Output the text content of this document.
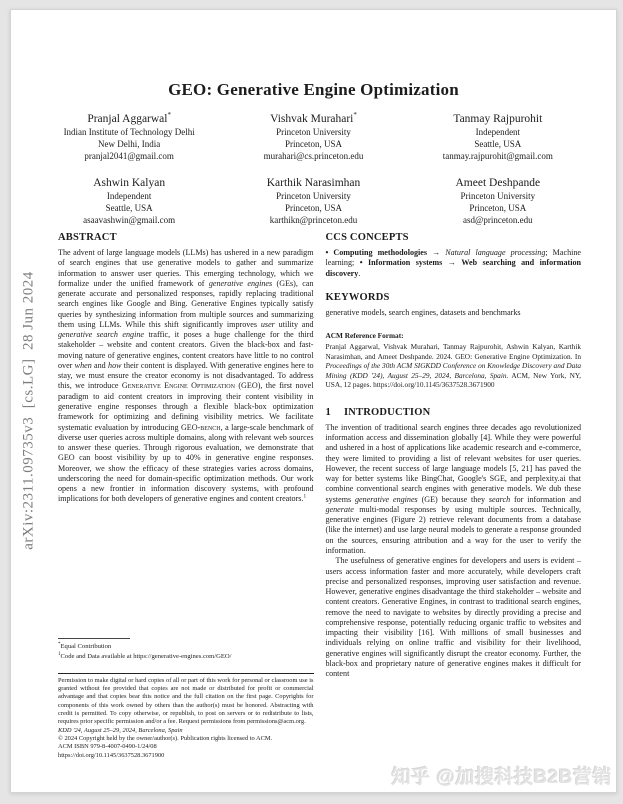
arXiv:2311.09735v3  [cs.LG]  28 Jun 2024
GEO: Generative Engine Optimization
Pranjal Aggarwal*
Indian Institute of Technology Delhi
New Delhi, India
pranjal2041@gmail.com
Vishvak Murahari*
Princeton University
Princeton, USA
murahari@cs.princeton.edu
Tanmay Rajpurohit
Independent
Seattle, USA
tanmay.rajpurohit@gmail.com
Ashwin Kalyan
Independent
Seattle, USA
asaavashwin@gmail.com
Karthik Narasimhan
Princeton University
Princeton, USA
karthikn@princeton.edu
Ameet Deshpande
Princeton University
Princeton, USA
asd@princeton.edu
ABSTRACT

The advent of large language models (LLMs) has ushered in a new paradigm of search engines that use generative models to gather and summarize information to answer user queries. This emerging technology, which we formalize under the unified framework of generative engines (GEs), can generate accurate and personalized responses, rapidly replacing traditional search engines like Google and Bing. Generative Engines typically satisfy queries by synthesizing information from multiple sources and summarizing them using LLMs. While this shift significantly improves user utility and generative search engine traffic, it poses a huge challenge for the third stakeholder – website and content creators. Given the black-box and fast-moving nature of generative engines, content creators have little to no control over when and how their content is displayed. With generative engines here to stay, we must ensure the creator economy is not disadvantaged. To address this, we introduce Generative Engine Optimization (GEO), the first novel paradigm to aid content creators in improving their content visibility in generative engine responses through a flexible black-box optimization framework for optimizing and defining visibility metrics. We facilitate systematic evaluation by introducing GEO-bench, a large-scale benchmark of diverse user queries across multiple domains, along with relevant web sources to answer these queries. Through rigorous evaluation, we demonstrate that GEO can boost visibility by up to 40% in generative engine responses. Moreover, we show the efficacy of these strategies varies across domains, underscoring the need for domain-specific optimization methods. Our work opens a new frontier in information discovery systems, with profound implications for both developers of generative engines and content creators.$^1$

*Equal Contribution

$^1$Code and Data available at https://generative-engines.com/GEO/

Permission to make digital or hard copies of all or part of this work for personal or classroom use is granted without fee provided that copies are not made or distributed for profit or commercial advantage and that copies bear this notice and the full citation on the first page. Copyrights for components of this work owned by others than the author(s) must be honored. Abstracting with credit is permitted. To copy otherwise, or republish, to post on servers or to redistribute to lists, requires prior specific permission and/or a fee. Request permissions from permissions@acm.org.

KDD '24, August 25–29, 2024, Barcelona, Spain

© 2024 Copyright held by the owner/author(s). Publication rights licensed to ACM.

ACM ISBN 979-8-4007-0490-1/24/08

https://doi.org/10.1145/3637528.3671900

CCS CONCEPTS

• Computing methodologies → Natural language processing; Machine learning; • Information systems → Web searching and information discovery.

KEYWORDS

generative models, search engines, datasets and benchmarks

ACM Reference Format:

Pranjal Aggarwal, Vishvak Murahari, Tanmay Rajpurohit, Ashwin Kalyan, Karthik Narasimhan, and Ameet Deshpande. 2024. GEO: Generative Engine Optimization. In Proceedings of the 30th ACM SIGKDD Conference on Knowledge Discovery and Data Mining (KDD '24), August 25–29, 2024, Barcelona, Spain. ACM, New York, NY, USA, 12 pages. https://doi.org/10.1145/3637528.3671900

1 INTRODUCTION

The invention of traditional search engines three decades ago revolutionized information access and dissemination globally [4]. While they were powerful and ushered in a host of applications like academic research and e-commerce, they were limited to providing a list of relevant websites for user queries. However, the recent success of large language models [5, 21] has paved the way for better systems like BingChat, Google's SGE, and perplexity.ai that combine conventional search engines with generative models. We dub these systems generative engines (GE) because they search for information and generate multi-modal responses by using multiple sources. Technically, generative engines (Figure 2) retrieve relevant documents from a database (like the internet) and use large neural models to generate a response grounded on the sources, ensuring attribution and a way for the user to verify the information.

The usefulness of generative engines for developers and users is evident – users access information faster and more accurately, while developers craft precise and personalized responses, improving user satisfaction and revenue. However, generative engines disadvantage the third stakeholder – website and content creators. Generative Engines, in contrast to traditional search engines, remove the need to navigate to websites by directly providing a precise and comprehensive response, potentially reducing organic traffic to websites and impacting their visibility [16]. With millions of small businesses and individuals relying on online traffic and visibility for their livelihood, generative engines will significantly disrupt the creator economy. Further, the black-box and proprietary nature of generative engines makes it difficult for content

知乎 @加搜科技B2B营销
